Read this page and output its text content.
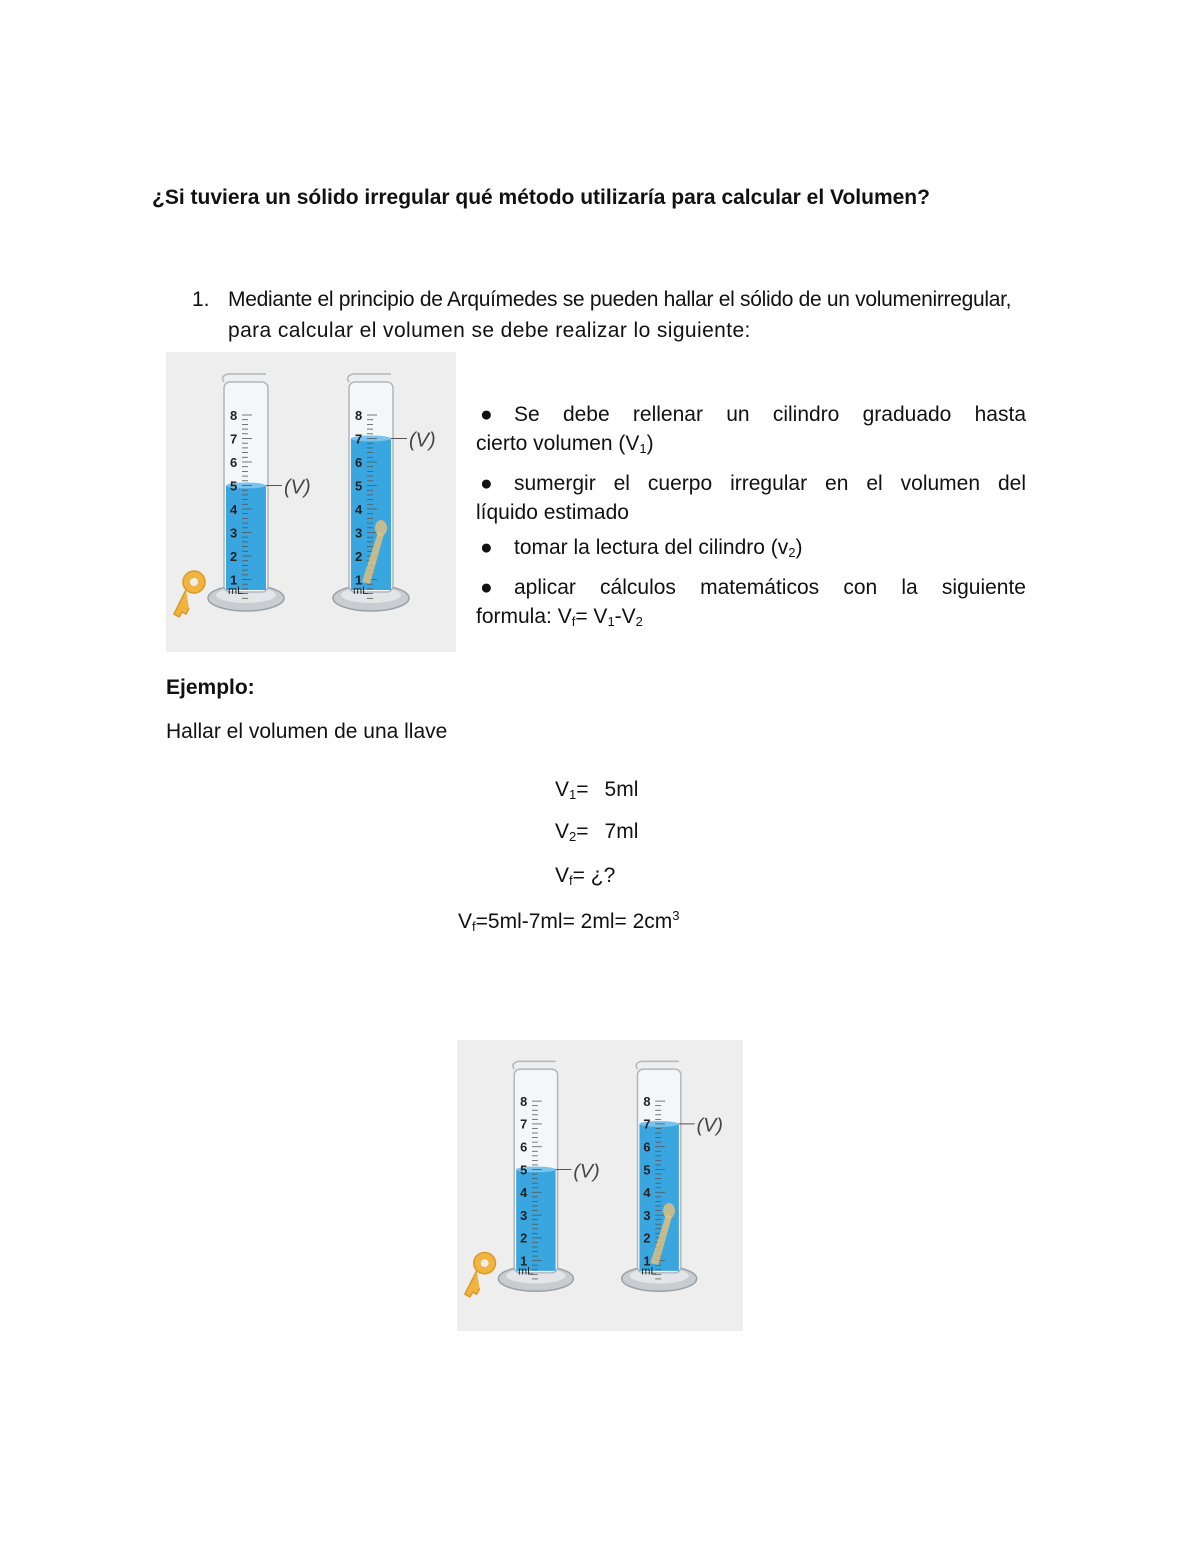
¿Si tuviera un sólido irregular qué método utilizaría para calcular el Volumen?
1. Mediante el principio de Arquímedes se pueden hallar el sólido de un volumenirregular,
para calcular el volumen se debe realizar lo siguiente:
8
7
6
5
4
3
2
1
mL
(V)
8
7
6
5
4
3
2
1
mL
(V)
●	Se debe rellenar un cilindro graduado hasta
cierto volumen $(V_1)$
●	sumergir el cuerpo irregular en el volumen del
líquido estimado
●	tomar la lectura del cilindro $(v_2)$
●	aplicar cálculos matemáticos con la siguiente
formula: $V_f= V_1-V_2$
Ejemplo:
Hallar el volumen de una llave
$V_1= 5ml$
$V_2= 7ml$
$V_f=$ ¿?
$V_f=5ml-7ml= 2ml= 2cm^3$
8
7
6
5
4
3
2
1
mL
(V)
8
7
6
5
4
3
2
1
mL
(V)
